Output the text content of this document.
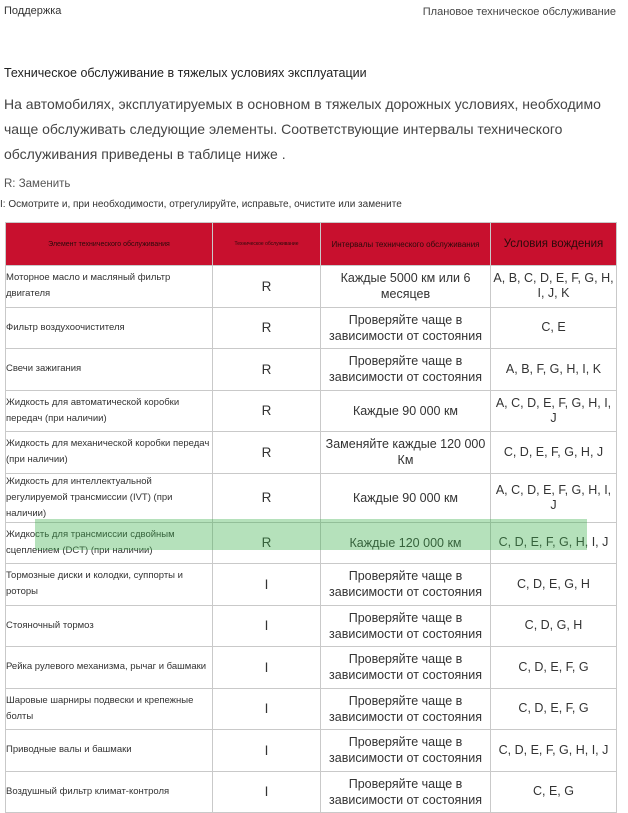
Поддержка	Плановое техническое обслуживание
Техническое обслуживание в тяжелых условиях эксплуатации
На автомобилях, эксплуатируемых в основном в тяжелых дорожных условиях, необходимо чаще обслуживать следующие элементы. Соответствующие интервалы технического обслуживания приведены в таблице ниже .
R: Заменить
I: Осмотрите и, при необходимости, отрегулируйте, исправьте, очистите или замените
Элемент технического обслуживания	Техническое обслуживание	Интервалы технического обслуживания	Условия вождения
Моторное масло и масляный фильтр двигателя	R	Каждые 5000 км или 6 месяцев	A, B, C, D, E, F, G, H, I, J, K
Фильтр воздухоочистителя	R	Проверяйте чаще в зависимости от состояния	C, E
Свечи зажигания	R	Проверяйте чаще в зависимости от состояния	A, B, F, G, H, I, K
Жидкость для автоматической коробки передач (при наличии)	R	Каждые 90 000 км	A, C, D, E, F, G, H, I, J
Жидкость для механической коробки передач (при наличии)	R	Заменяйте каждые 120 000 Км	C, D, E, F, G, H, J
Жидкость для интеллектуальной регулируемой трансмиссии (IVT) (при наличии)	R	Каждые 90 000 км	A, C, D, E, F, G, H, I, J
Жидкость для трансмиссии сдвойным сцеплением (DCT) (при наличии)	R	Каждые 120 000 км	C, D, E, F, G, H, I, J
Тормозные диски и колодки, суппорты и роторы	I	Проверяйте чаще в зависимости от состояния	C, D, E, G, H
Стояночный тормоз	I	Проверяйте чаще в зависимости от состояния	C, D, G, H
Рейка рулевого механизма, рычаг и башмаки	I	Проверяйте чаще в зависимости от состояния	C, D, E, F, G
Шаровые шарниры подвески и крепежные болты	I	Проверяйте чаще в зависимости от состояния	C, D, E, F, G
Приводные валы и башмаки	I	Проверяйте чаще в зависимости от состояния	C, D, E, F, G, H, I, J
Воздушный фильтр климат-контроля	I	Проверяйте чаще в зависимости от состояния	C, E, G
